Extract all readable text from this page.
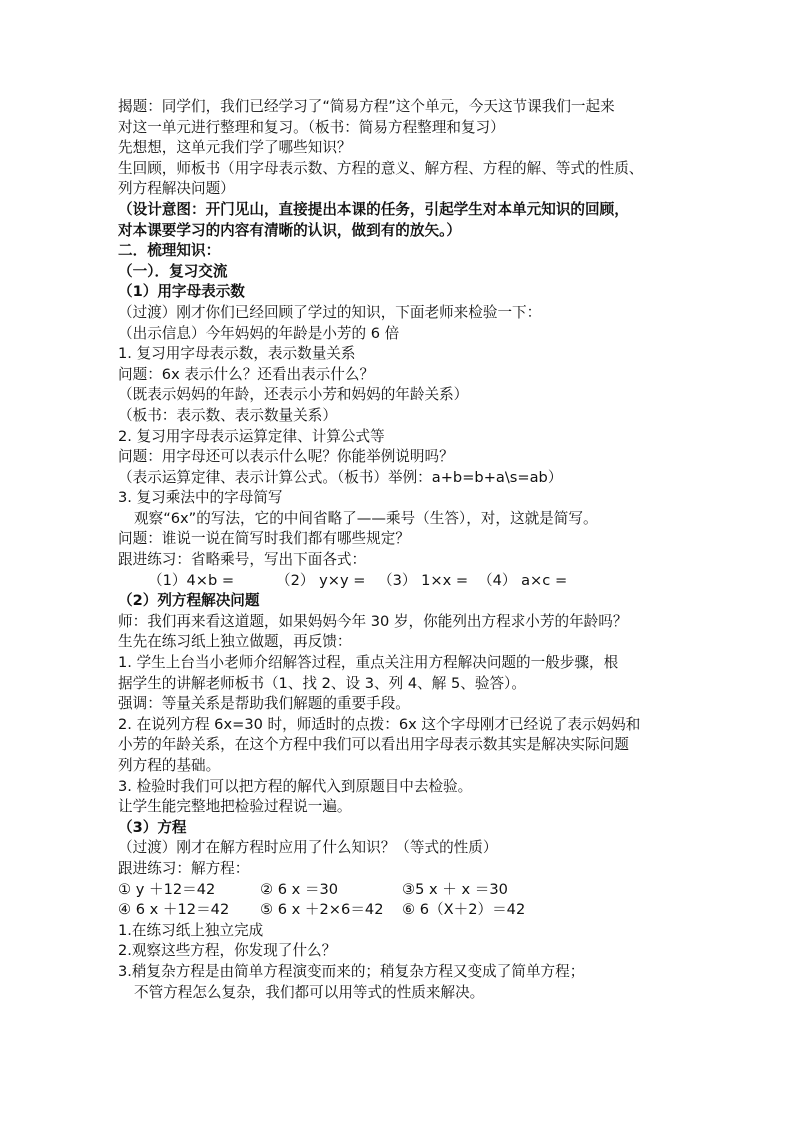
揭题：同学们，我们已经学习了“简易方程”这个单元，今天这节课我们一起来
对这一单元进行整理和复习。（板书：简易方程整理和复习）
先想想，这单元我们学了哪些知识？
生回顾，师板书（用字母表示数、方程的意义、解方程、方程的解、等式的性质、
列方程解决问题）
（设计意图：开门见山，直接提出本课的任务，引起学生对本单元知识的回顾，
对本课要学习的内容有清晰的认识，做到有的放矢。）
二．梳理知识：
（一）．复习交流
（1）用字母表示数
（过渡）刚才你们已经回顾了学过的知识，下面老师来检验一下：
（出示信息）今年妈妈的年龄是小芳的 6 倍
1. 复习用字母表示数，表示数量关系
问题：6x 表示什么？还看出表示什么？
（既表示妈妈的年龄，还表示小芳和妈妈的年龄关系）
（板书：表示数、表示数量关系）
2. 复习用字母表示运算定律、计算公式等
问题：用字母还可以表示什么呢？你能举例说明吗？
（表示运算定律、表示计算公式。（板书）举例：a+b=b+a\s=ab）
3. 复习乘法中的字母简写
观察“6x”的写法，它的中间省略了——乘号（生答），对，这就是简写。
问题：谁说一说在简写时我们都有哪些规定？
跟进练习：省略乘号，写出下面各式：
（1）4×b =	（2） y×y = （3） 1×x = （4） a×c =
（2）列方程解决问题
师：我们再来看这道题，如果妈妈今年 30 岁，你能列出方程求小芳的年龄吗？
生先在练习纸上独立做题，再反馈：
1. 学生上台当小老师介绍解答过程，重点关注用方程解决问题的一般步骤，根
据学生的讲解老师板书（1、找 2、设 3、列 4、解 5、验答）。
强调：等量关系是帮助我们解题的重要手段。
2. 在说列方程 6x=30 时，师适时的点拨：6x 这个字母刚才已经说了表示妈妈和
小芳的年龄关系，在这个方程中我们可以看出用字母表示数其实是解决实际问题
列方程的基础。
3. 检验时我们可以把方程的解代入到原题目中去检验。
让学生能完整地把检验过程说一遍。
（3）方程
（过渡）刚才在解方程时应用了什么知识？（等式的性质）
跟进练习：解方程：
① y ＋12＝42	② 6 x ＝30	③5 x ＋ x ＝30
④ 6 x ＋12＝42 ⑤ 6 x ＋2×6＝42 ⑥ 6（Χ＋2）＝42
1.在练习纸上独立完成
2.观察这些方程，你发现了什么？
3.稍复杂方程是由简单方程演变而来的；稍复杂方程又变成了简单方程；
不管方程怎么复杂，我们都可以用等式的性质来解决。
